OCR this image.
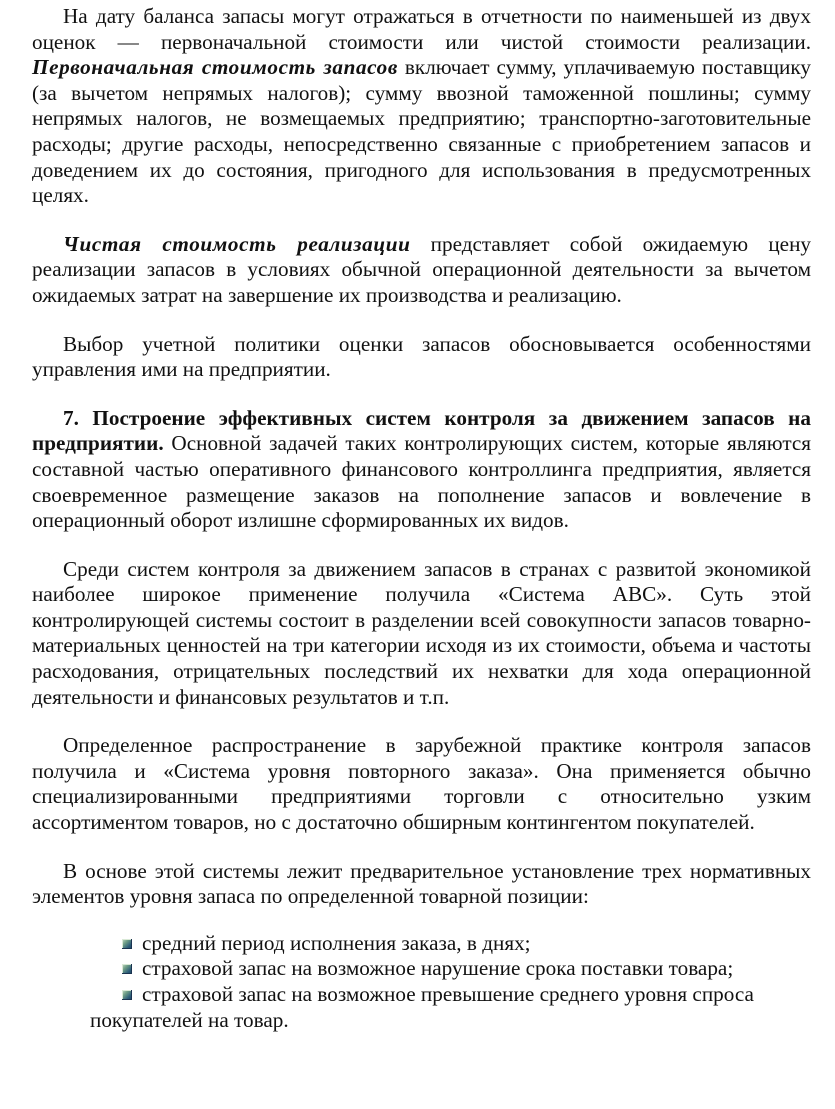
На дату баланса запасы могут отражаться в отчетности по наименьшей из двух оценок — первоначальной стоимости или чистой стоимости реализации. Первоначальная стоимость запасов включает сумму, уплачиваемую поставщику (за вычетом непрямых налогов); сумму ввозной таможенной пошлины; сумму непрямых налогов, не возмещаемых предприятию; транспортно-заготовительные расходы; другие расходы, непосредственно связанные с приобретением запасов и доведением их до состояния, пригодного для использования в предусмотренных целях.

Чистая стоимость реализации представляет собой ожидаемую цену реализации запасов в условиях обычной операционной деятельности за вычетом ожидаемых затрат на завершение их производства и реализацию.

Выбор учетной политики оценки запасов обосновывается особенностями управления ими на предприятии.

7. Построение эффективных систем контроля за движением запасов на предприятии. Основной задачей таких контролирующих систем, которые являются составной частью оперативного финансового контроллинга предприятия, является своевременное размещение заказов на пополнение запасов и вовлечение в операционный оборот излишне сформированных их видов.

Среди систем контроля за движением запасов в странах с развитой экономикой наиболее широкое применение получила «Система АВС». Суть этой контролирующей системы состоит в разделении всей совокупности запасов товарно-материальных ценностей на три категории исходя из их стоимости, объема и частоты расходования, отрицательных последствий их нехватки для хода операционной деятельности и финансовых результатов и т.п.

Определенное распространение в зарубежной практике контроля запасов получила и «Система уровня повторного заказа». Она применяется обычно специализированными предприятиями торговли с относительно узким ассортиментом товаров, но с достаточно обширным контингентом покупателей.

В основе этой системы лежит предварительное установление трех нормативных элементов уровня запаса по определенной товарной позиции:

средний период исполнения заказа, в днях;
страховой запас на возможное нарушение срока поставки товара;
страховой запас на возможное превышение среднего уровня спроса покупателей на товар.
